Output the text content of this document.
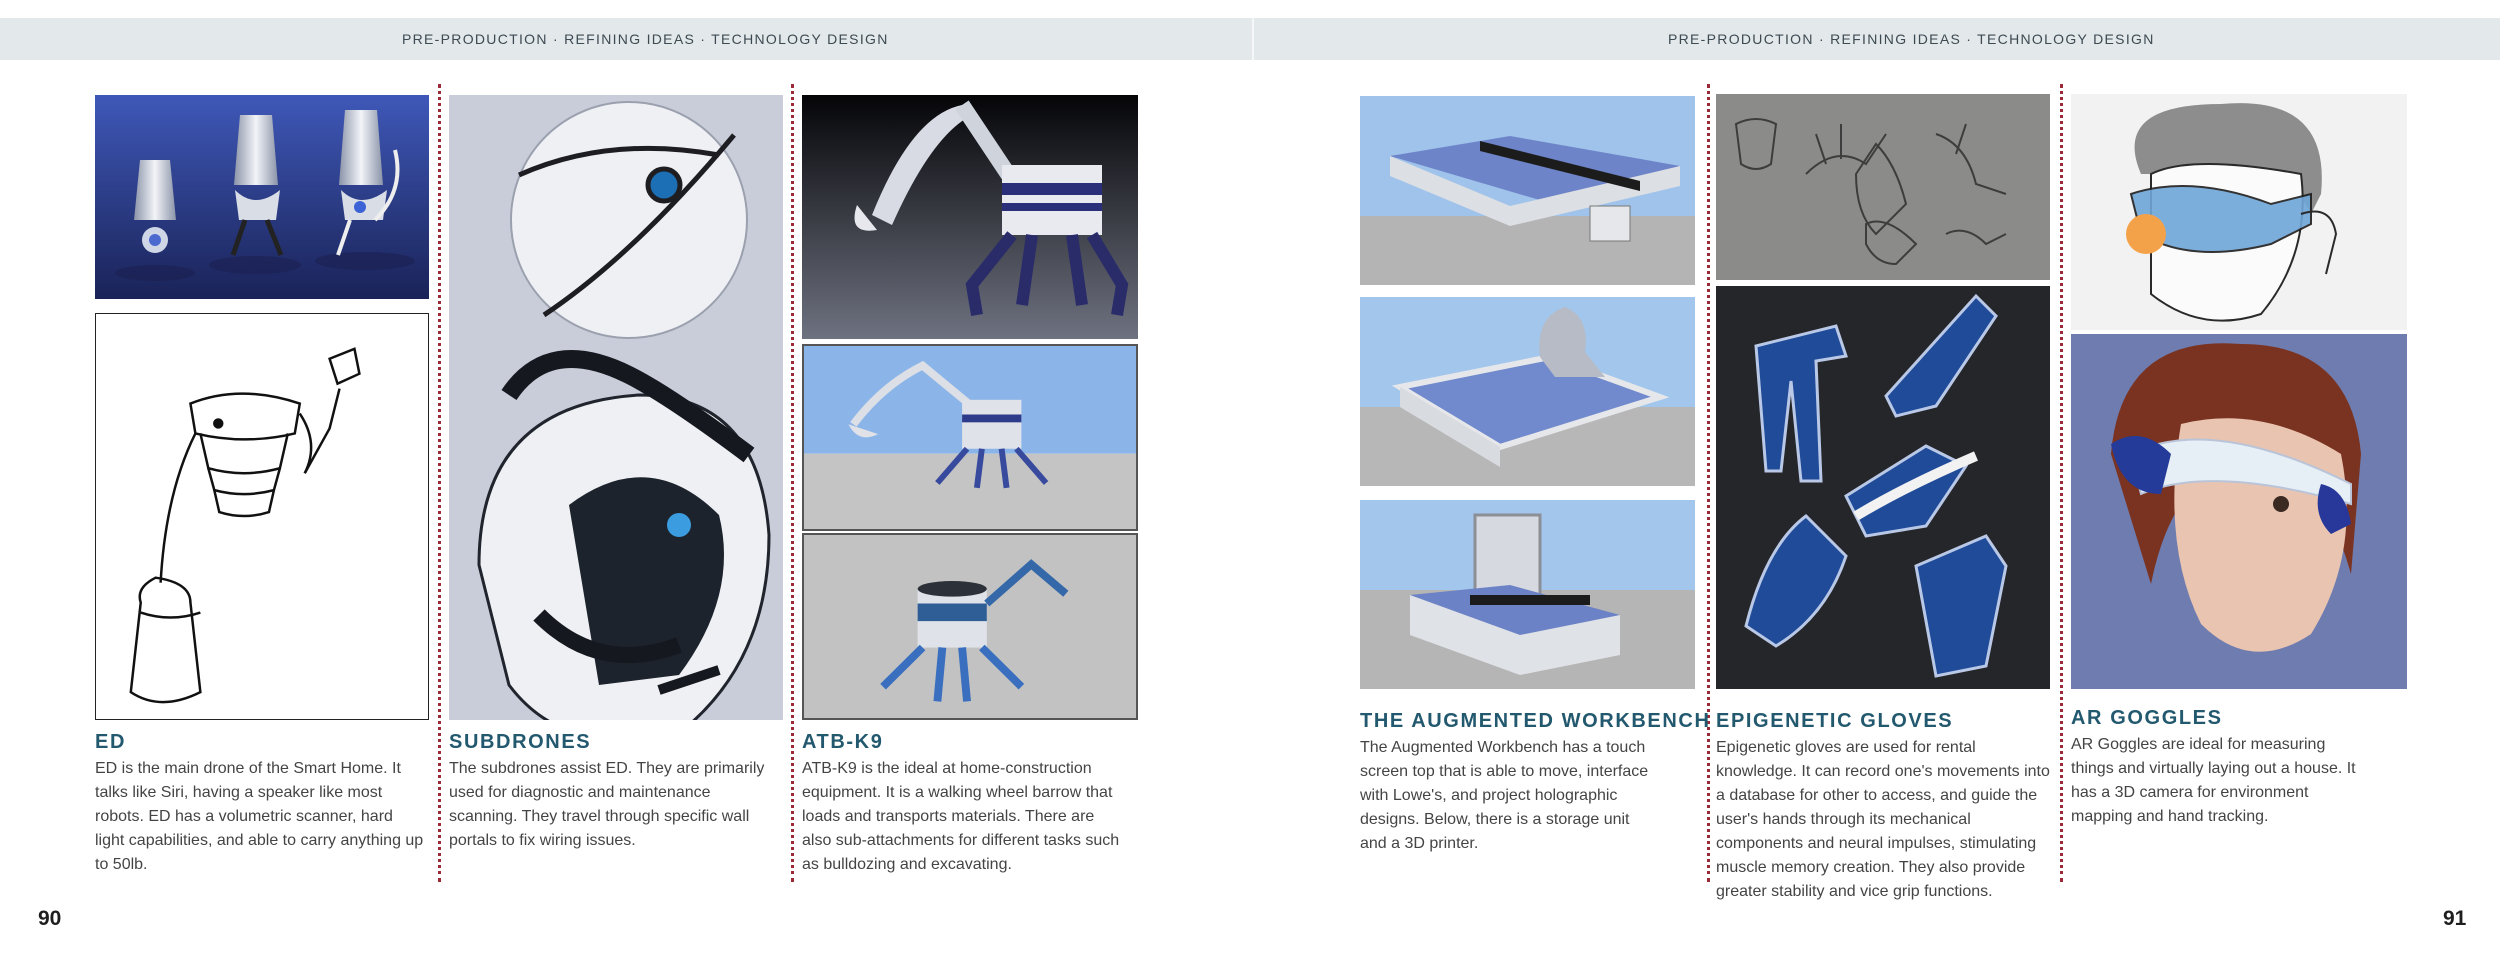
PRE-PRODUCTION · REFINING IDEAS · TECHNOLOGY DESIGN	PRE-PRODUCTION · REFINING IDEAS · TECHNOLOGY DESIGN
ED

ED is the main drone of the Smart Home. It talks like Siri, having a speaker like most robots. ED has a volumetric scanner, hard light capabilities, and able to carry anything up to 50lb.

SUBDRONES

The subdrones assist ED. They are primarily used for diagnostic and maintenance scanning. They travel through specific wall portals to fix wiring issues.

ATB-K9

ATB-K9 is the ideal at home-construction equipment. It is a walking wheel barrow that loads and transports materials. There are also sub-attachments for different tasks such as bulldozing and excavating.

90
THE AUGMENTED WORKBENCH

The Augmented Workbench has a touch screen top that is able to move, interface with Lowe's, and project holographic designs. Below, there is a storage unit and a 3D printer.

EPIGENETIC GLOVES

Epigenetic gloves are used for rental knowledge. It can record one's movements into a database for other to access, and guide the user's hands through its mechanical components and neural impulses, stimulating muscle memory creation. They also provide greater stability and vice grip functions.

AR GOGGLES

AR Goggles are ideal for measuring things and virtually laying out a house. It has a 3D camera for environment mapping and hand tracking.

91
